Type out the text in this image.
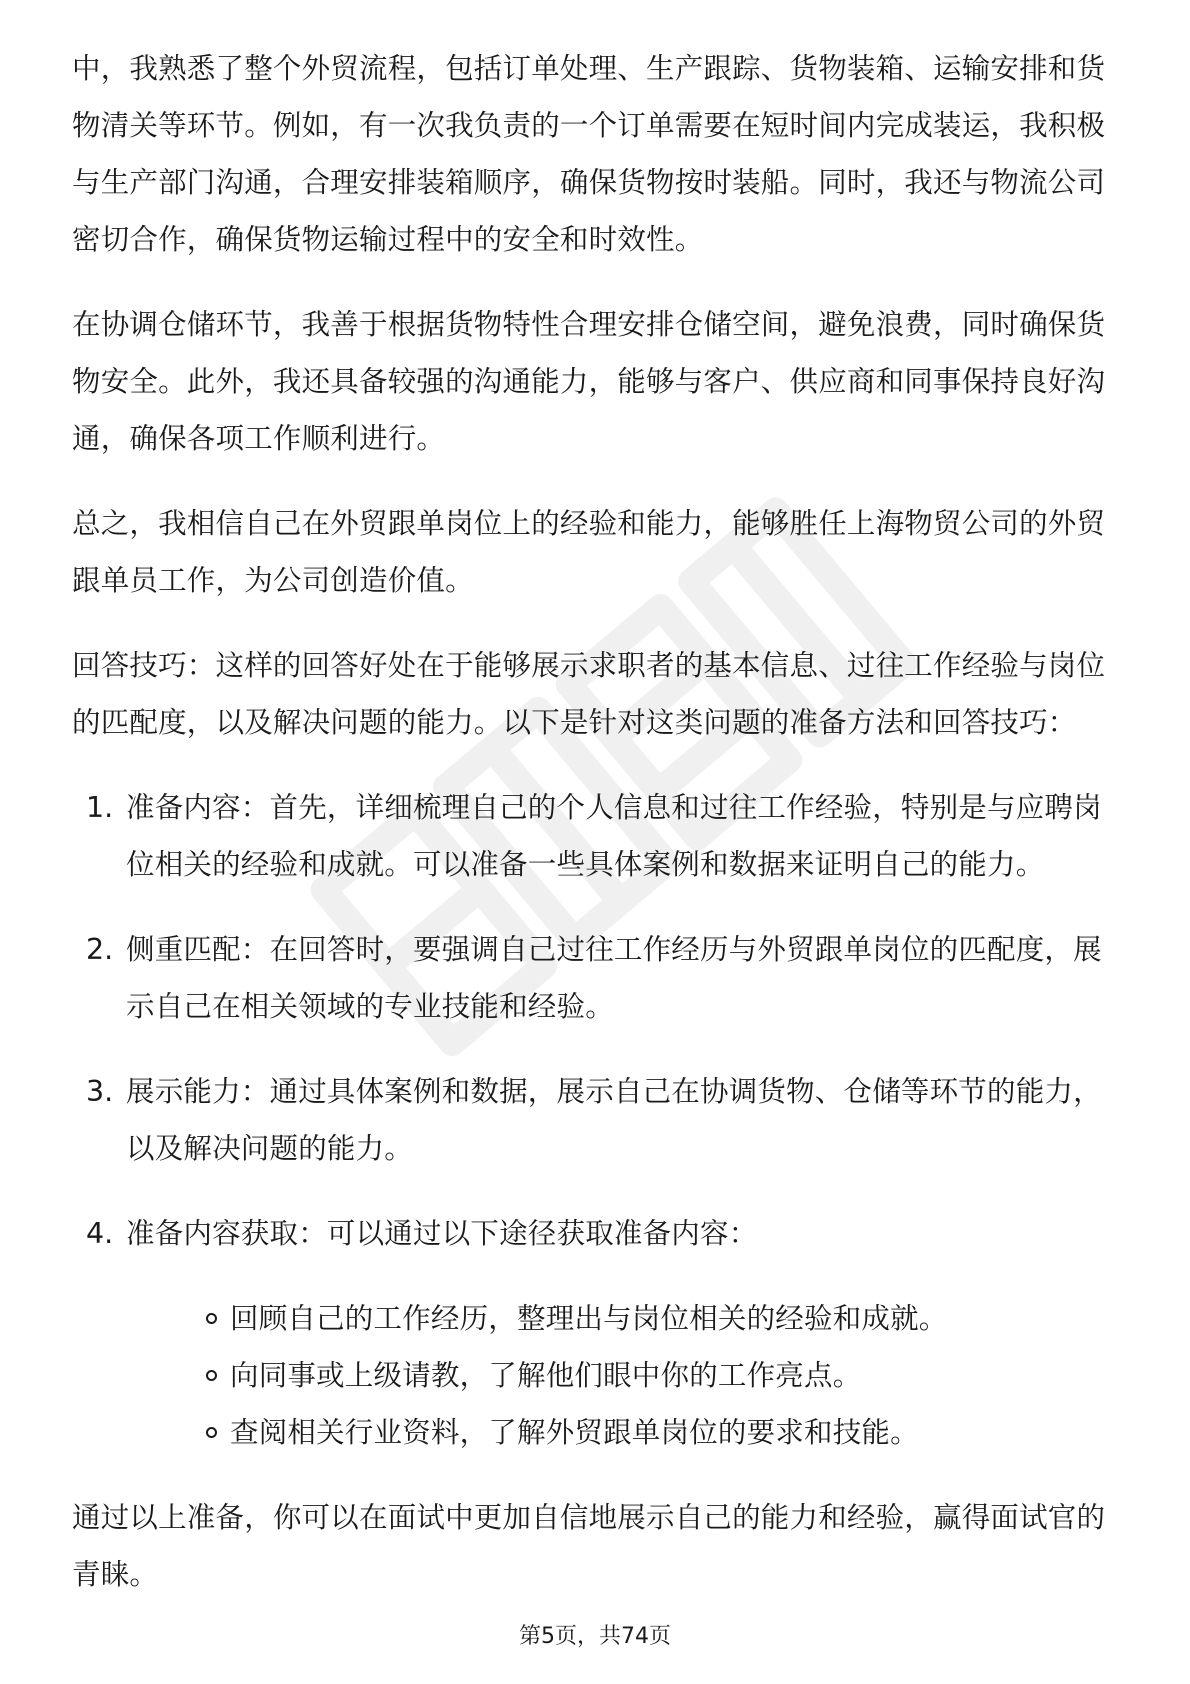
中，我熟悉了整个外贸流程，包括订单处理、生产跟踪、货物装箱、运输安排和货物清关等环节。例如，有一次我负责的一个订单需要在短时间内完成装运，我积极与生产部门沟通，合理安排装箱顺序，确保货物按时装船。同时，我还与物流公司密切合作，确保货物运输过程中的安全和时效性。

在协调仓储环节，我善于根据货物特性合理安排仓储空间，避免浪费，同时确保货物安全。此外，我还具备较强的沟通能力，能够与客户、供应商和同事保持良好沟通，确保各项工作顺利进行。

总之，我相信自己在外贸跟单岗位上的经验和能力，能够胜任上海物贸公司的外贸跟单员工作，为公司创造价值。

回答技巧：这样的回答好处在于能够展示求职者的基本信息、过往工作经验与岗位的匹配度，以及解决问题的能力。以下是针对这类问题的准备方法和回答技巧：

1. 准备内容：首先，详细梳理自己的个人信息和过往工作经验，特别是与应聘岗位相关的经验和成就。可以准备一些具体案例和数据来证明自己的能力。

2. 侧重匹配：在回答时，要强调自己过往工作经历与外贸跟单岗位的匹配度，展示自己在相关领域的专业技能和经验。

3. 展示能力：通过具体案例和数据，展示自己在协调货物、仓储等环节的能力，以及解决问题的能力。

4. 准备内容获取：可以通过以下途径获取准备内容：

回顾自己的工作经历，整理出与岗位相关的经验和成就。

向同事或上级请教，了解他们眼中你的工作亮点。

查阅相关行业资料，了解外贸跟单岗位的要求和技能。

通过以上准备，你可以在面试中更加自信地展示自己的能力和经验，赢得面试官的青睐。

第5页，共74页
